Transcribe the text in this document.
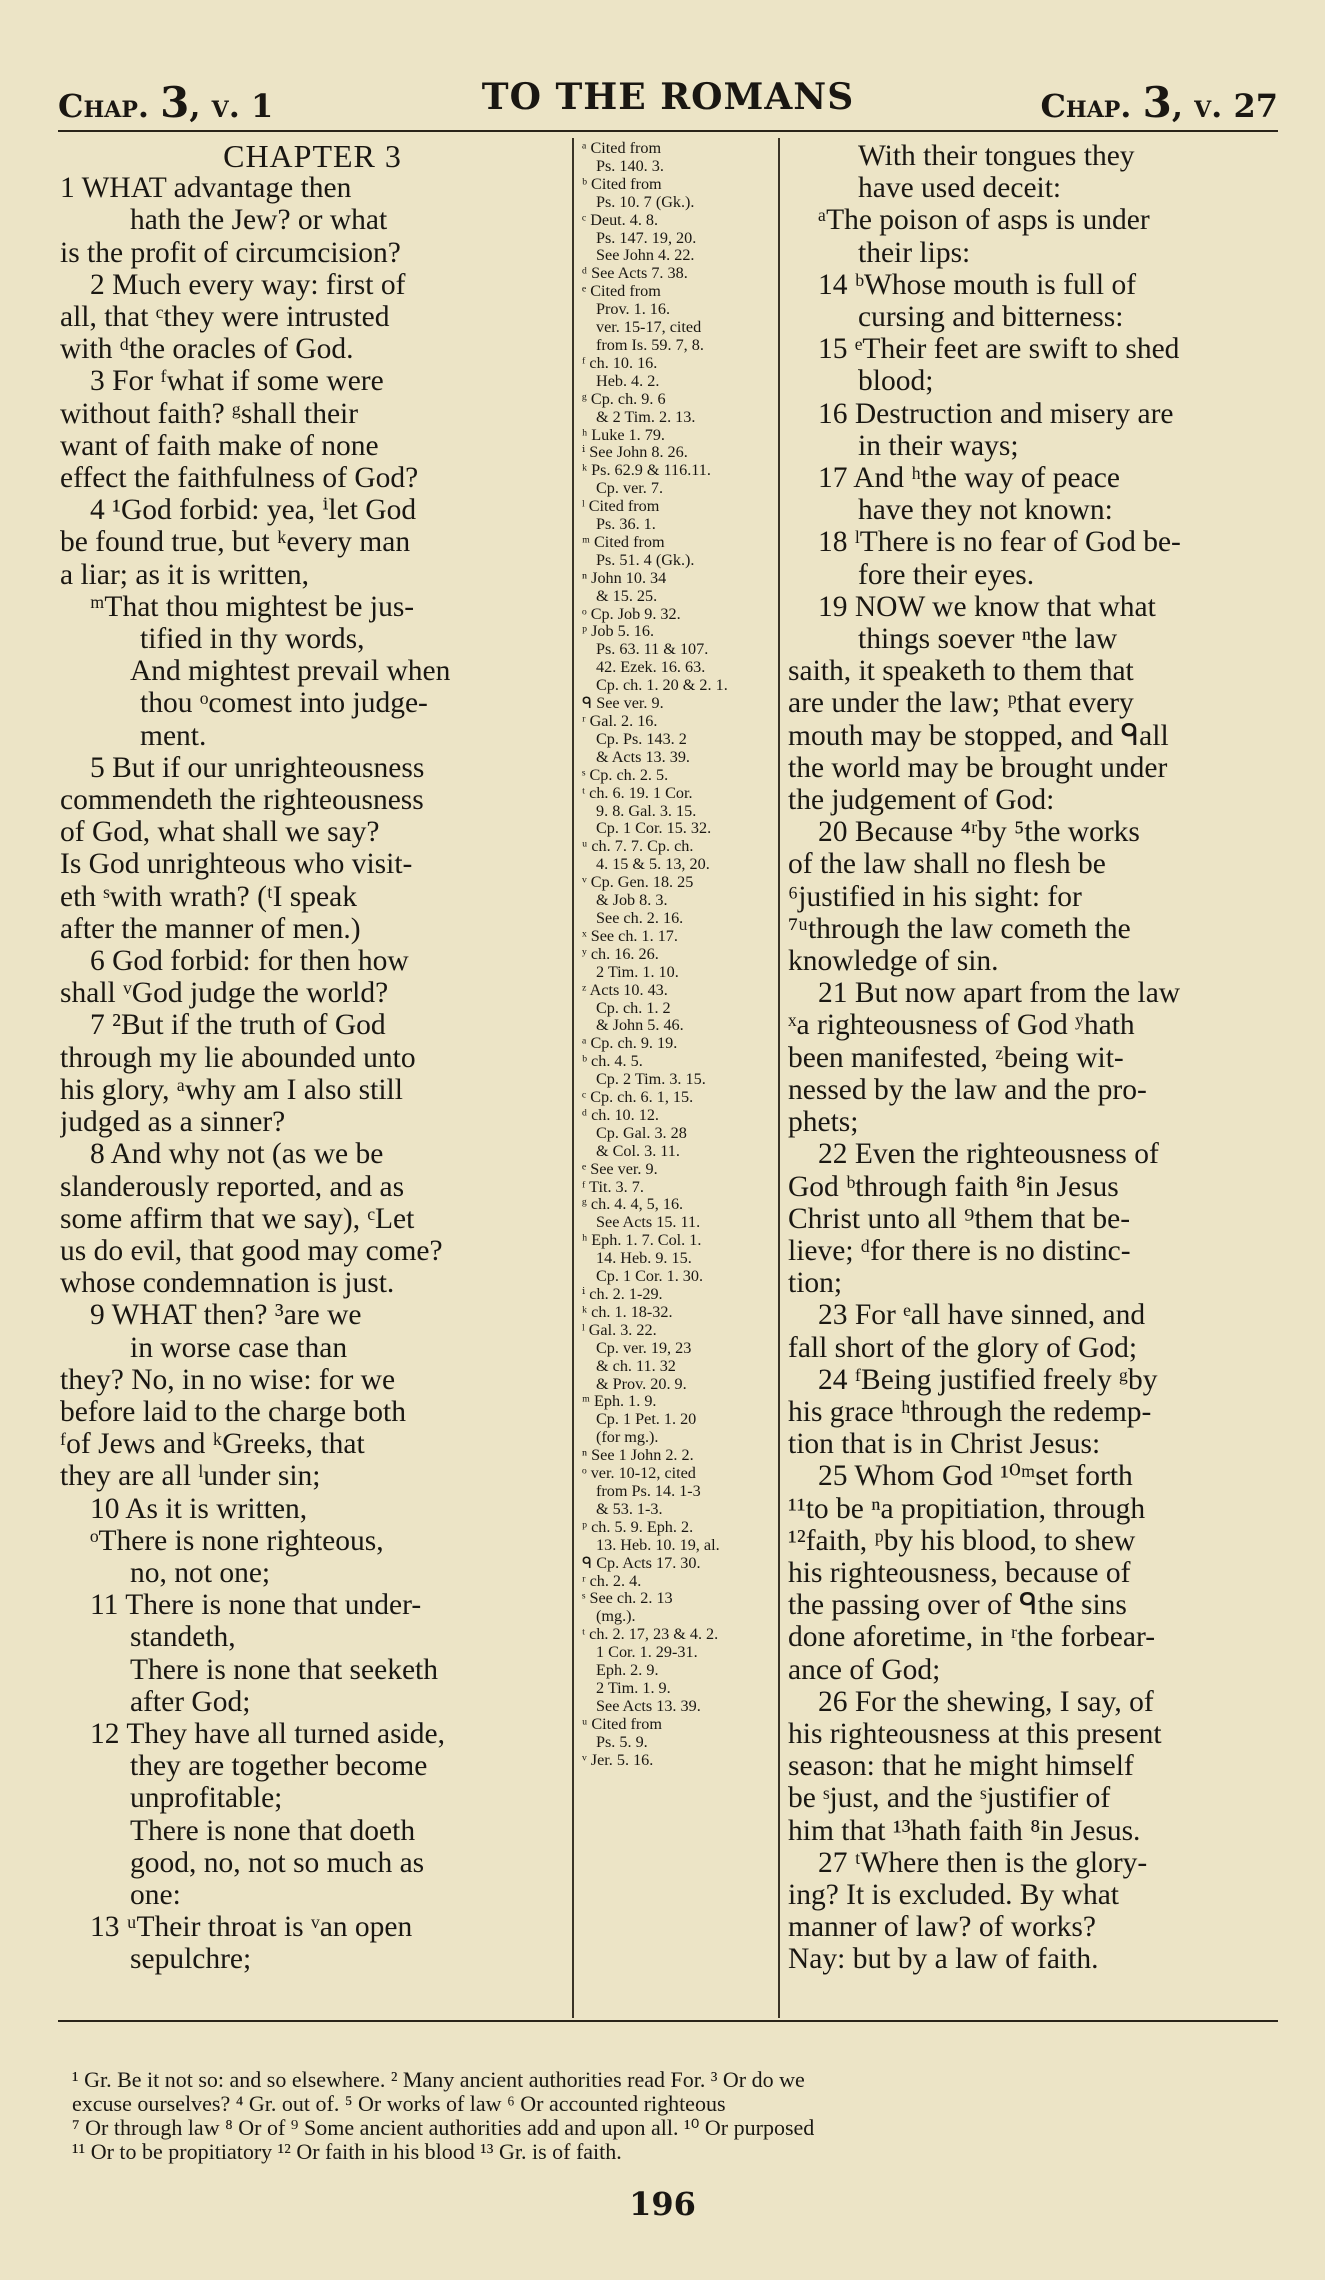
Chap. 3, v. 1	TO THE ROMANS	Chap. 3, v. 27
CHAPTER 3
1 WHAT advantage then
hath the Jew? or what
is the profit of circumcision?
2 Much every way: first of
all, that ᶜthey were intrusted
with ᵈthe oracles of God.
3 For ᶠwhat if some were
without faith? ᵍshall their
want of faith make of none
effect the faithfulness of God?
4 ¹God forbid: yea, ⁱlet God
be found true, but ᵏevery man
a liar; as it is written,
ᵐThat thou mightest be jus-
tified in thy words,
And mightest prevail when
thou ᵒcomest into judge-
ment.
5 But if our unrighteousness
commendeth the righteousness
of God, what shall we say?
Is God unrighteous who visit-
eth ˢwith wrath? (ᵗI speak
after the manner of men.)
6 God forbid: for then how
shall ᵛGod judge the world?
7 ²But if the truth of God
through my lie abounded unto
his glory, ᵃwhy am I also still
judged as a sinner?
8 And why not (as we be
slanderously reported, and as
some affirm that we say), ᶜLet
us do evil, that good may come?
whose condemnation is just.
9 WHAT then? ³are we
in worse case than
they? No, in no wise: for we
before laid to the charge both
ᶠof Jews and ᵏGreeks, that
they are all ˡunder sin;
10 As it is written,
ᵒThere is none righteous,
no, not one;
11 There is none that under-
standeth,
There is none that seeketh
after God;
12 They have all turned aside,
they are together become
unprofitable;
There is none that doeth
good, no, not so much as
one:
13 ᵘTheir throat is ᵛan open
sepulchre;
ᵃ Cited from
Ps. 140. 3.
ᵇ Cited from
Ps. 10. 7 (Gk.).
ᶜ Deut. 4. 8.
Ps. 147. 19, 20.
See John 4. 22.
ᵈ See Acts 7. 38.
ᵉ Cited from
Prov. 1. 16.
ver. 15-17, cited
from Is. 59. 7, 8.
ᶠ ch. 10. 16.
Heb. 4. 2.
ᵍ Cp. ch. 9. 6
& 2 Tim. 2. 13.
ʰ Luke 1. 79.
ⁱ See John 8. 26.
ᵏ Ps. 62.9 & 116.11.
Cp. ver. 7.
ˡ Cited from
Ps. 36. 1.
ᵐ Cited from
Ps. 51. 4 (Gk.).
ⁿ John 10. 34
& 15. 25.
ᵒ Cp. Job 9. 32.
ᵖ Job 5. 16.
Ps. 63. 11 & 107.
42. Ezek. 16. 63.
Cp. ch. 1. 20 & 2. 1.
ᑫ See ver. 9.
ʳ Gal. 2. 16.
Cp. Ps. 143. 2
& Acts 13. 39.
ˢ Cp. ch. 2. 5.
ᵗ ch. 6. 19. 1 Cor.
9. 8. Gal. 3. 15.
Cp. 1 Cor. 15. 32.
ᵘ ch. 7. 7. Cp. ch.
4. 15 & 5. 13, 20.
ᵛ Cp. Gen. 18. 25
& Job 8. 3.
See ch. 2. 16.
ˣ See ch. 1. 17.
ʸ ch. 16. 26.
2 Tim. 1. 10.
ᶻ Acts 10. 43.
Cp. ch. 1. 2
& John 5. 46.
ᵃ Cp. ch. 9. 19.
ᵇ ch. 4. 5.
Cp. 2 Tim. 3. 15.
ᶜ Cp. ch. 6. 1, 15.
ᵈ ch. 10. 12.
Cp. Gal. 3. 28
& Col. 3. 11.
ᵉ See ver. 9.
ᶠ Tit. 3. 7.
ᵍ ch. 4. 4, 5, 16.
See Acts 15. 11.
ʰ Eph. 1. 7. Col. 1.
14. Heb. 9. 15.
Cp. 1 Cor. 1. 30.
ⁱ ch. 2. 1-29.
ᵏ ch. 1. 18-32.
ˡ Gal. 3. 22.
Cp. ver. 19, 23
& ch. 11. 32
& Prov. 20. 9.
ᵐ Eph. 1. 9.
Cp. 1 Pet. 1. 20
(for mg.).
ⁿ See 1 John 2. 2.
ᵒ ver. 10-12, cited
from Ps. 14. 1-3
& 53. 1-3.
ᵖ ch. 5. 9. Eph. 2.
13. Heb. 10. 19, al.
ᑫ Cp. Acts 17. 30.
ʳ ch. 2. 4.
ˢ See ch. 2. 13
(mg.).
ᵗ ch. 2. 17, 23 & 4. 2.
1 Cor. 1. 29-31.
Eph. 2. 9.
2 Tim. 1. 9.
See Acts 13. 39.
ᵘ Cited from
Ps. 5. 9.
ᵛ Jer. 5. 16.
With their tongues they
have used deceit:
ᵃThe poison of asps is under
their lips:
14 ᵇWhose mouth is full of
cursing and bitterness:
15 ᵉTheir feet are swift to shed
blood;
16 Destruction and misery are
in their ways;
17 And ʰthe way of peace
have they not known:
18 ˡThere is no fear of God be-
fore their eyes.
19 NOW we know that what
things soever ⁿthe law
saith, it speaketh to them that
are under the law; ᵖthat every
mouth may be stopped, and ᑫall
the world may be brought under
the judgement of God:
20 Because ⁴ʳby ⁵the works
of the law shall no flesh be
⁶justified in his sight: for
⁷ᵘthrough the law cometh the
knowledge of sin.
21 But now apart from the law
ˣa righteousness of God ʸhath
been manifested, ᶻbeing wit-
nessed by the law and the pro-
phets;
22 Even the righteousness of
God ᵇthrough faith ⁸in Jesus
Christ unto all ⁹them that be-
lieve; ᵈfor there is no distinc-
tion;
23 For ᵉall have sinned, and
fall short of the glory of God;
24 ᶠBeing justified freely ᵍby
his grace ʰthrough the redemp-
tion that is in Christ Jesus:
25 Whom God ¹⁰ᵐset forth
¹¹to be ⁿa propitiation, through
¹²faith, ᵖby his blood, to shew
his righteousness, because of
the passing over of ᑫthe sins
done aforetime, in ʳthe forbear-
ance of God;
26 For the shewing, I say, of
his righteousness at this present
season: that he might himself
be ˢjust, and the ˢjustifier of
him that ¹³hath faith ⁸in Jesus.
27 ᵗWhere then is the glory-
ing? It is excluded. By what
manner of law? of works?
Nay: but by a law of faith.
¹ Gr. Be it not so: and so elsewhere. ² Many ancient authorities read For. ³ Or do we
excuse ourselves? ⁴ Gr. out of. ⁵ Or works of law ⁶ Or accounted righteous
⁷ Or through law ⁸ Or of ⁹ Some ancient authorities add and upon all. ¹⁰ Or purposed
¹¹ Or to be propitiatory ¹² Or faith in his blood ¹³ Gr. is of faith.
196
